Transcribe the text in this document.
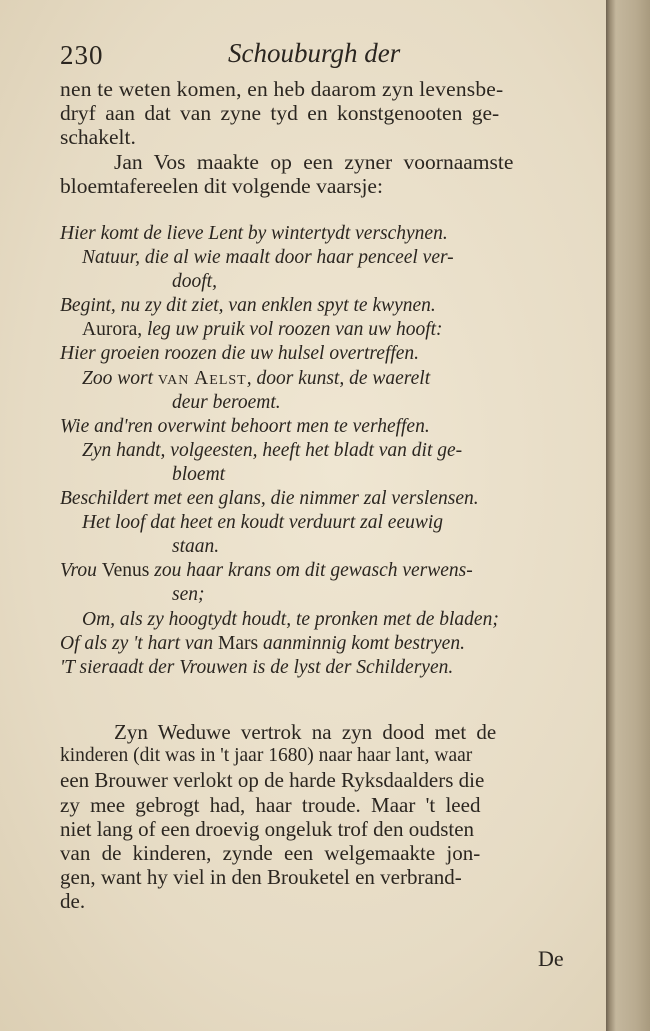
230	Schouburgh der
nen te weten komen, en heb daarom zyn levensbe-
dryf aan dat van zyne tyd en konstgenooten ge-
schakelt.
Jan Vos maakte op een zyner voornaamste
bloemtafereelen dit volgende vaarsje:
Hier komt de lieve Lent by wintertydt verschynen.
Natuur, die al wie maalt door haar penceel ver-
dooft,
Begint, nu zy dit ziet, van enklen spyt te kwynen.
Aurora, leg uw pruik vol roozen van uw hooft:
Hier groeien roozen die uw hulsel overtreffen.
Zoo wort van Aelst, door kunst, de waerelt
deur beroemt.
Wie and'ren overwint behoort men te verheffen.
Zyn handt, volgeesten, heeft het bladt van dit ge-
bloemt
Beschildert met een glans, die nimmer zal verslensen.
Het loof dat heet en koudt verduurt zal eeuwig
staan.
Vrou Venus zou haar krans om dit gewasch verwens-
sen;
Om, als zy hoogtydt houdt, te pronken met de bladen;
Of als zy 't hart van Mars aanminnig komt bestryen.
'T sieraadt der Vrouwen is de lyst der Schilderyen.
Zyn Weduwe vertrok na zyn dood met de
kinderen (dit was in 't jaar 1680) naar haar lant, waar
een Brouwer verlokt op de harde Ryksdaalders die
zy mee gebrogt had, haar troude. Maar 't leed
niet lang of een droevig ongeluk trof den oudsten
van de kinderen, zynde een welgemaakte jon-
gen, want hy viel in den Brouketel en verbrand-
de.
De
